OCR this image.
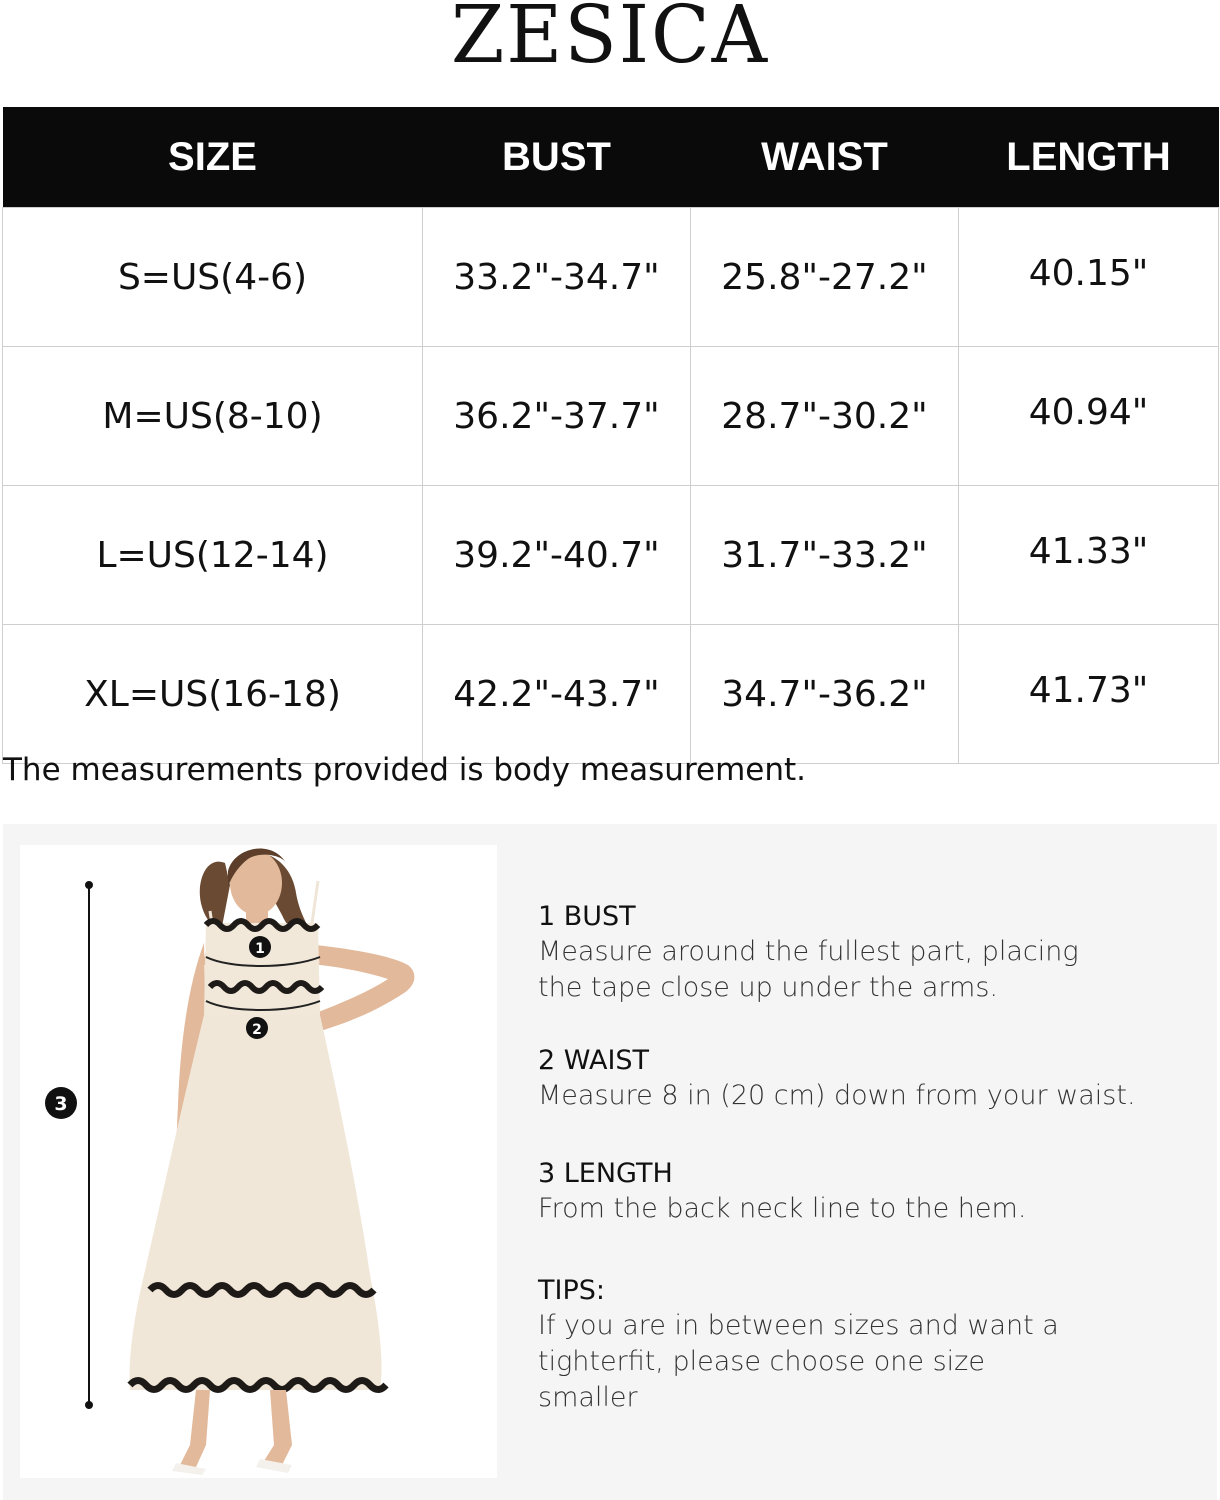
ZESICA
SIZE	BUST	WAIST	LENGTH
S=US(4-6)	33.2"-34.7"	25.8"-27.2"	40.15"
M=US(8-10)	36.2"-37.7"	28.7"-30.2"	40.94"
L=US(12-14)	39.2"-40.7"	31.7"-33.2"	41.33"
XL=US(16-18)	42.2"-43.7"	34.7"-36.2"	41.73"
The measurements provided is body measurement.
1
2
3
1 BUST
Measure around the fullest part, placing
the tape close up under the arms.
2 WAIST
Measure 8 in (20 cm) down from your waist.
3 LENGTH
From the back neck line to the hem.
TIPS:
If you are in between sizes and want a
tighterfit, please choose one size
smaller
